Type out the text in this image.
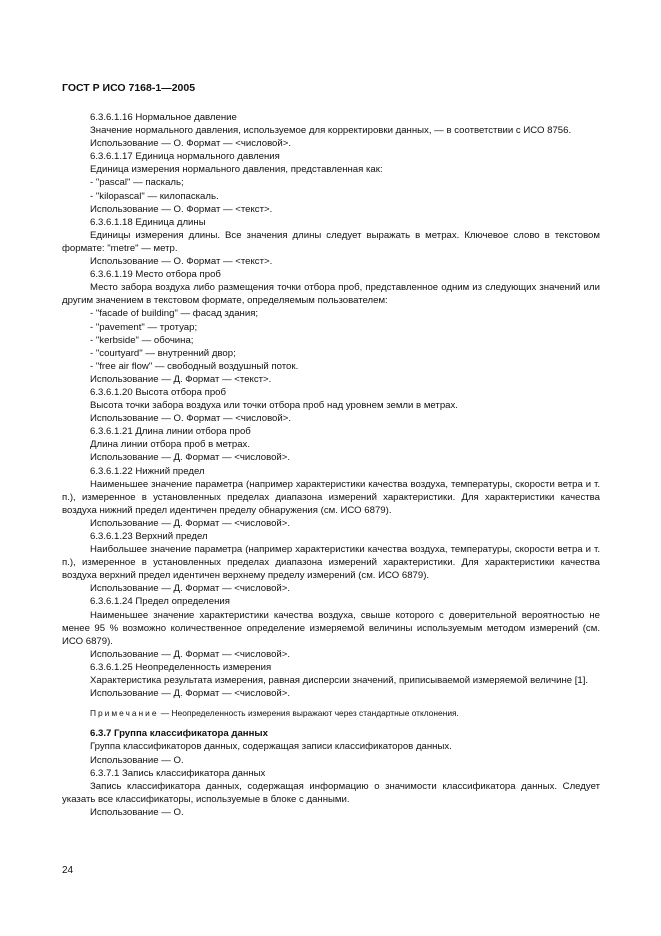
ГОСТ Р ИСО 7168-1—2005

6.3.6.1.16 Нормальное давление

Значение нормального давления, используемое для корректировки данных, — в соответствии с ИСО 8756.

Использование — О. Формат — <числовой>.

6.3.6.1.17 Единица нормального давления

Единица измерения нормального давления, представленная как:

- "pascal" — паскаль;

- "kilopascal" — килопаскаль.

Использование — О. Формат — <текст>.

6.3.6.1.18 Единица длины

Единицы измерения длины. Все значения длины следует выражать в метрах. Ключевое слово в текстовом формате: "metre" — метр.

Использование — О. Формат — <текст>.

6.3.6.1.19 Место отбора проб

Место забора воздуха либо размещения точки отбора проб, представленное одним из следующих значений или другим значением в текстовом формате, определяемым пользователем:

- "facade of building" — фасад здания;

- "pavement" — тротуар;

- "kerbside" — обочина;

- "courtyard" — внутренний двор;

- "free air flow" — свободный воздушный поток.

Использование — Д. Формат — <текст>.

6.3.6.1.20 Высота отбора проб

Высота точки забора воздуха или точки отбора проб над уровнем земли в метрах.

Использование — О. Формат — <числовой>.

6.3.6.1.21 Длина линии отбора проб

Длина линии отбора проб в метрах.

Использование — Д. Формат — <числовой>.

6.3.6.1.22 Нижний предел

Наименьшее значение параметра (например характеристики качества воздуха, температуры, скорости ветра и т. п.), измеренное в установленных пределах диапазона измерений характеристики. Для характеристики качества воздуха нижний предел идентичен пределу обнаружения (см. ИСО 6879).

Использование — Д. Формат — <числовой>.

6.3.6.1.23 Верхний предел

Наибольшее значение параметра (например характеристики качества воздуха, температуры, скорости ветра и т. п.), измеренное в установленных пределах диапазона измерений характеристики. Для характеристики качества воздуха верхний предел идентичен верхнему пределу измерений (см. ИСО 6879).

Использование — Д. Формат — <числовой>.

6.3.6.1.24 Предел определения

Наименьшее значение характеристики качества воздуха, свыше которого с доверительной вероятностью не менее 95 % возможно количественное определение измеряемой величины используемым методом измерений (см. ИСО 6879).

Использование — Д. Формат — <числовой>.

6.3.6.1.25 Неопределенность измерения

Характеристика результата измерения, равная дисперсии значений, приписываемой измеряемой величине [1].

Использование — Д. Формат — <числовой>.

Примечание — Неопределенность измерения выражают через стандартные отклонения.

6.3.7 Группа классификатора данных

Группа классификаторов данных, содержащая записи классификаторов данных.

Использование — О.

6.3.7.1 Запись классификатора данных

Запись классификатора данных, содержащая информацию о значимости классификатора данных. Следует указать все классификаторы, используемые в блоке с данными.

Использование — О.

24
